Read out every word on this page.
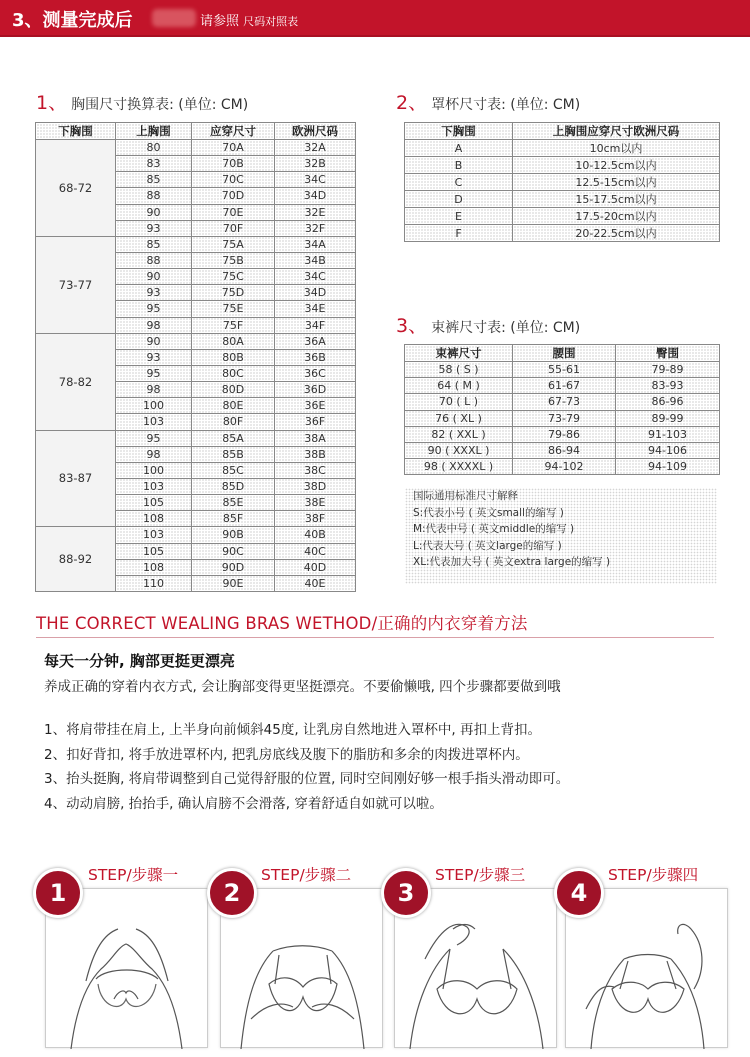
3、测量完成后	请参照 尺码对照表
1、 胸围尺寸换算表: (单位: CM)
下胸围	上胸围	应穿尺寸	欧洲尺码
68-72	80	70A	32A
	83	70B	32B
	85	70C	34C
	88	70D	34D
	90	70E	32E
	93	70F	32F
73-77	85	75A	34A
	88	75B	34B
	90	75C	34C
	93	75D	34D
	95	75E	34E
	98	75F	34F
78-82	90	80A	36A
	93	80B	36B
	95	80C	36C
	98	80D	36D
	100	80E	36E
	103	80F	36F
83-87	95	85A	38A
	98	85B	38B
	100	85C	38C
	103	85D	38D
	105	85E	38E
	108	85F	38F
88-92	103	90B	40B
	105	90C	40C
	108	90D	40D
	110	90E	40E
2、 罩杯尺寸表: (单位: CM)
下胸围	上胸围应穿尺寸欧洲尺码
A	10cm以内
B	10-12.5cm以内
C	12.5-15cm以内
D	15-17.5cm以内
E	17.5-20cm以内
F	20-22.5cm以内
3、 束裤尺寸表: (单位: CM)
束裤尺寸	腰围	臀围
58 ( S )	55-61	79-89
64 ( M )	61-67	83-93
70 ( L )	67-73	86-96
76 ( XL )	73-79	89-99
82 ( XXL )	79-86	91-103
90 ( XXXL )	86-94	94-106
98 ( XXXXL )	94-102	94-109
国际通用标准尺寸解释
S:代表小号 ( 英文small的缩写 )
M:代表中号 ( 英文middle的缩写 )
L:代表大号 ( 英文large的缩写 )
XL:代表加大号 ( 英文extra large的缩写 )
THE CORRECT WEALING BRAS WETHOD/正确的内衣穿着方法
每天一分钟, 胸部更挺更漂亮
养成正确的穿着内衣方式, 会让胸部变得更坚挺漂亮。不要偷懒哦, 四个步骤都要做到哦
1、将肩带挂在肩上, 上半身向前倾斜45度, 让乳房自然地进入罩杯中, 再扣上背扣。
2、扣好背扣, 将手放进罩杯内, 把乳房底线及腹下的脂肪和多余的肉拨进罩杯内。
3、抬头挺胸, 将肩带调整到自己觉得舒服的位置, 同时空间刚好够一根手指头滑动即可。
4、动动肩膀, 抬抬手, 确认肩膀不会滑落, 穿着舒适自如就可以啦。
STEP/步骤一	STEP/步骤二	STEP/步骤三	STEP/步骤四
1	2	3	4
